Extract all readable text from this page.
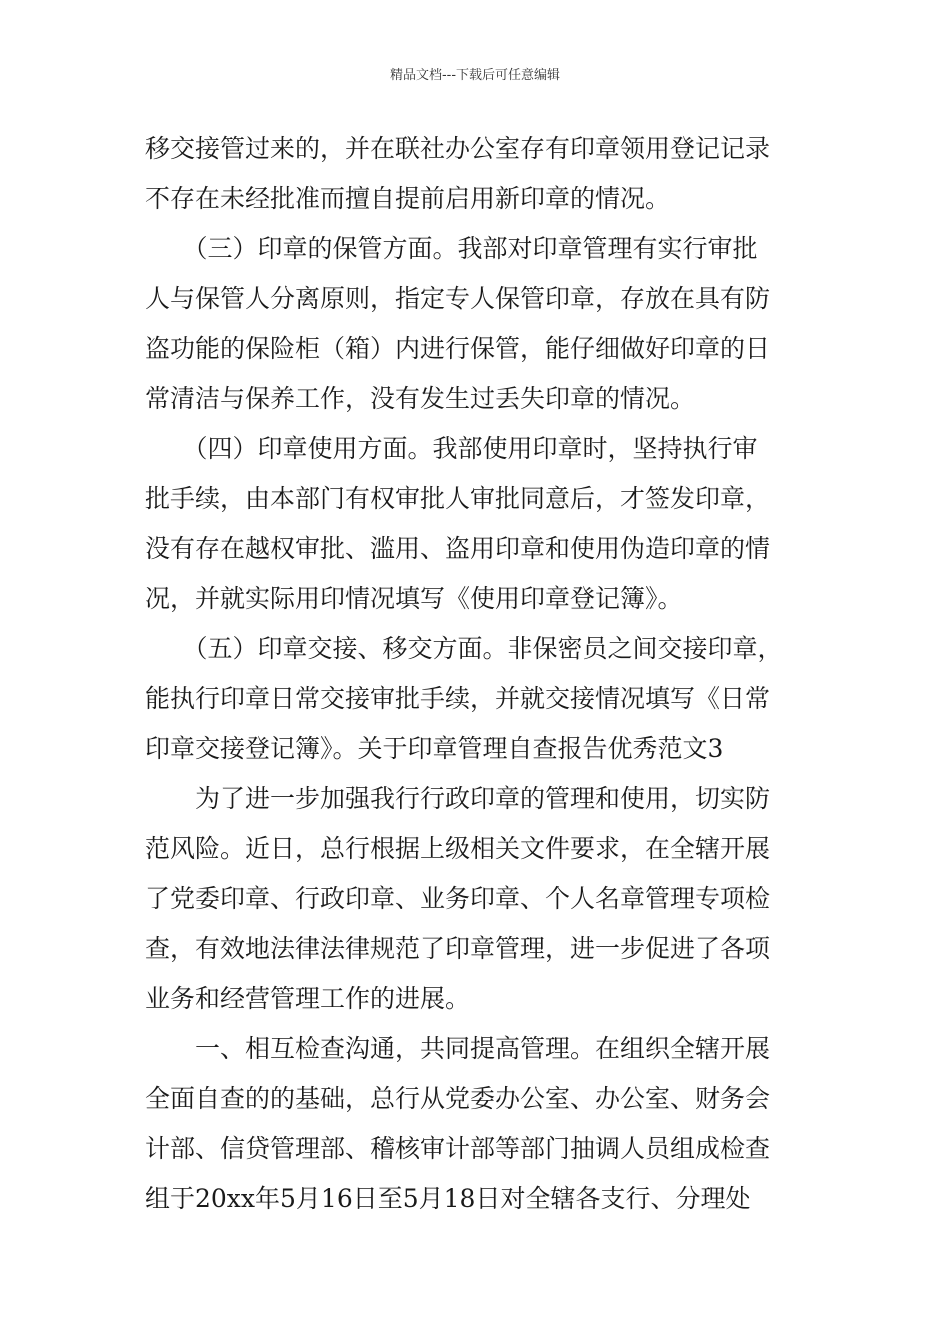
精品文档---下载后可任意编辑
移交接管过来的，并在联社办公室存有印章领用登记记录
不存在未经批准而擅自提前启用新印章的情况。
　　（三）印章的保管方面。我部对印章管理有实行审批
人与保管人分离原则，指定专人保管印章，存放在具有防
盗功能的保险柜（箱）内进行保管，能仔细做好印章的日
常清洁与保养工作，没有发生过丢失印章的情况。
　　（四）印章使用方面。我部使用印章时，坚持执行审
批手续，由本部门有权审批人审批同意后，才签发印章，
没有存在越权审批、滥用、盗用印章和使用伪造印章的情
况，并就实际用印情况填写《使用印章登记簿》。
　　（五）印章交接、移交方面。非保密员之间交接印章，
能执行印章日常交接审批手续，并就交接情况填写《日常
印章交接登记簿》。关于印章管理自查报告优秀范文3
　　为了进一步加强我行行政印章的管理和使用，切实防
范风险。近日，总行根据上级相关文件要求，在全辖开展
了党委印章、行政印章、业务印章、个人名章管理专项检
查，有效地法律法律规范了印章管理，进一步促进了各项
业务和经营管理工作的进展。
　　一、相互检查沟通，共同提高管理。在组织全辖开展
全面自查的的基础，总行从党委办公室、办公室、财务会
计部、信贷管理部、稽核审计部等部门抽调人员组成检查
组于20xx年5月16日至5月18日对全辖各支行、分理处
